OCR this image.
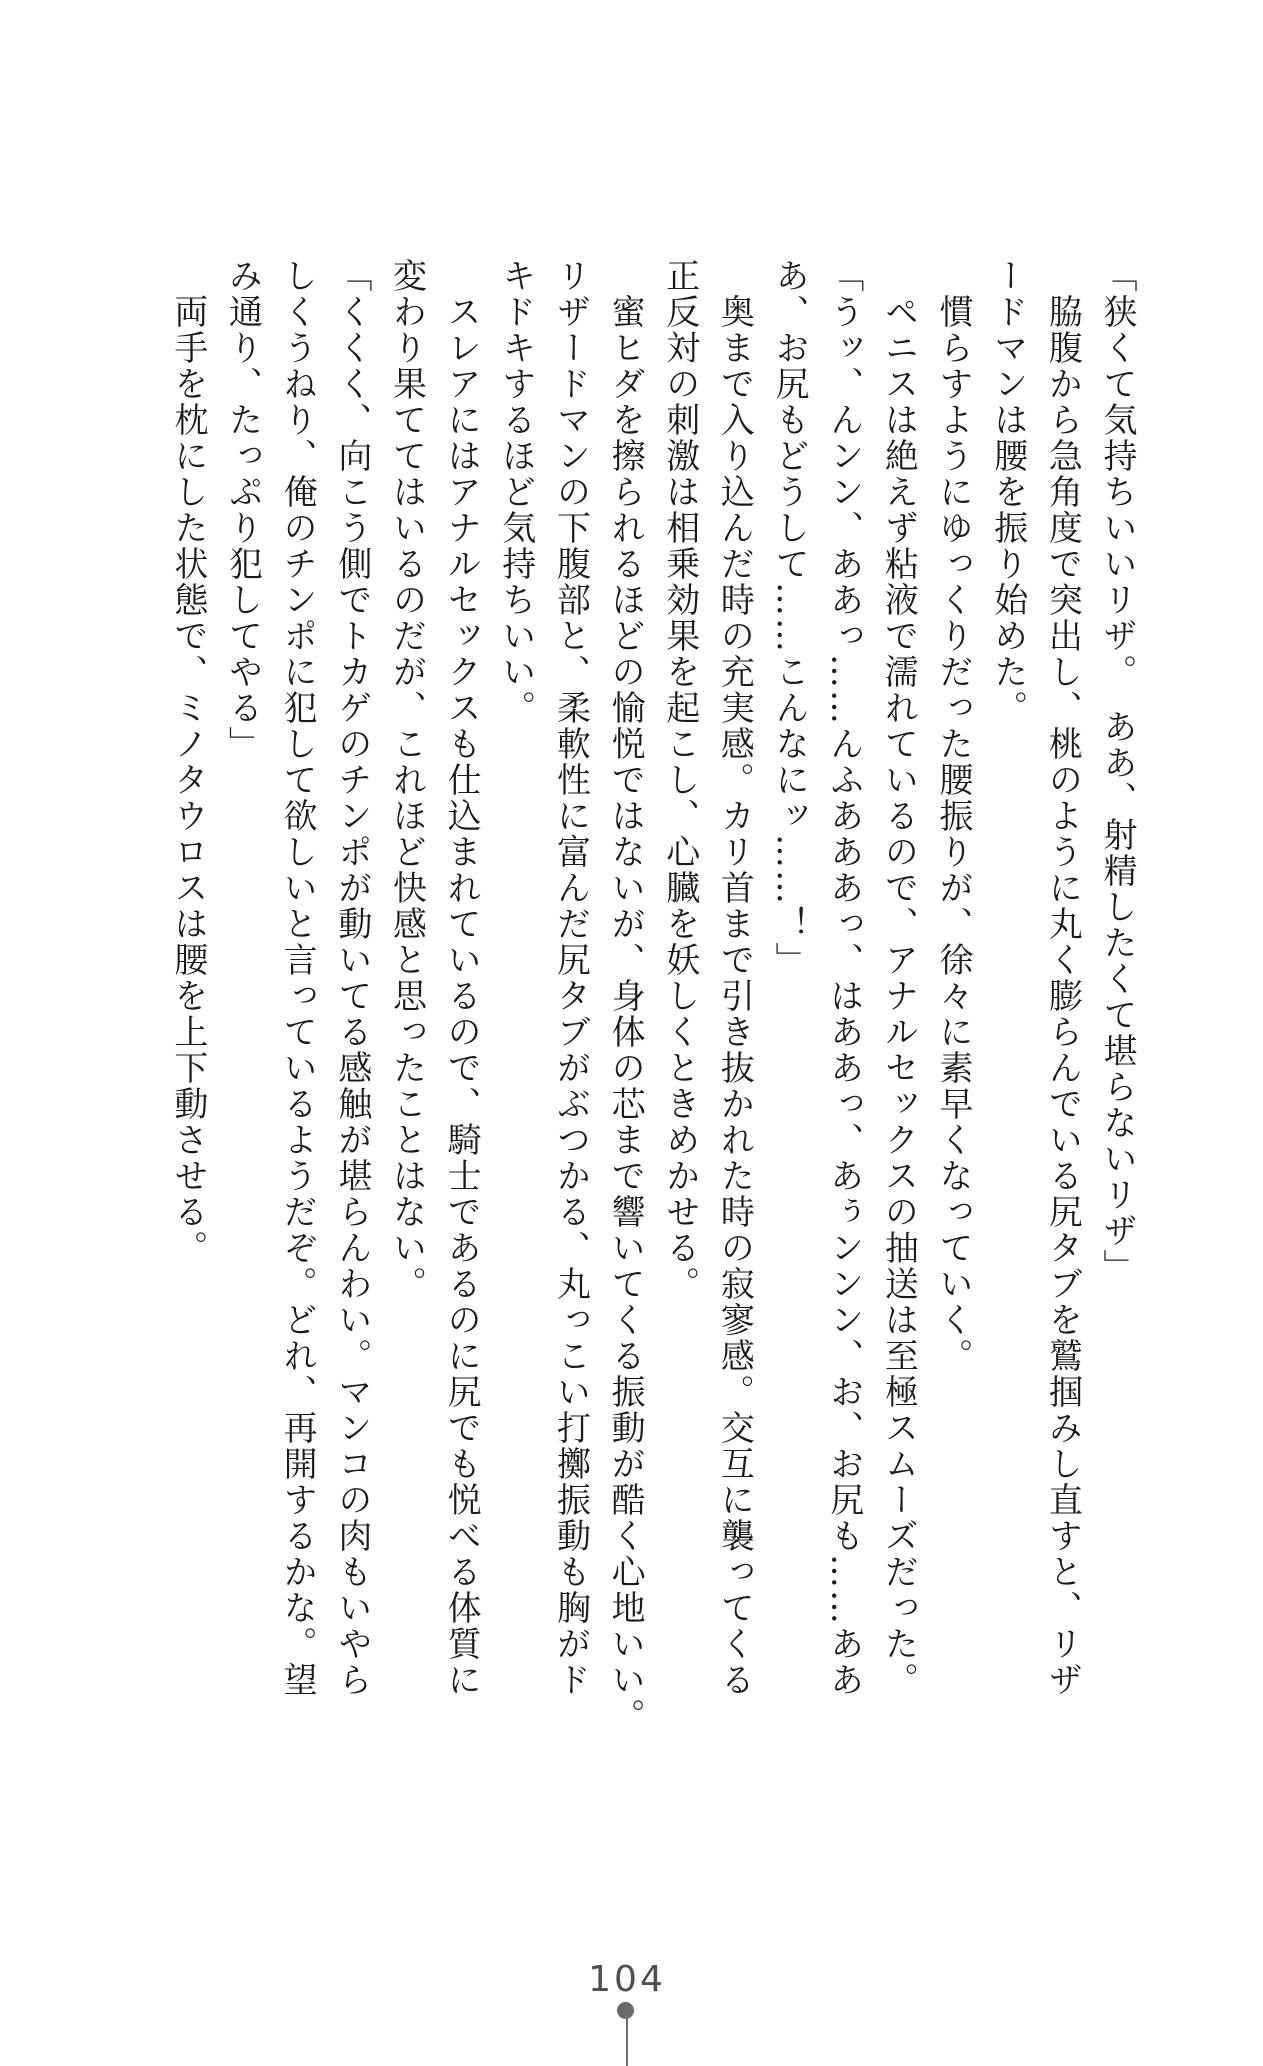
「狭くて気持ちいいリザ。　ああ、射精したくて堪らないリザ」
　脇腹から急角度で突出し、桃のように丸く膨らんでいる尻タブを鷲掴みし直すと、リザ
ードマンは腰を振り始めた。
　慣らすようにゆっくりだった腰振りが、徐々に素早くなっていく。
　ペニスは絶えず粘液で濡れているので、アナルセックスの抽送は至極スムーズだった。
「うッ、んンン、ああっ……んふあああっ、はああっ、あぅンンン、お、お尻も……ああ
あ、お尻もどうして……こんなにッ……！」
　奥まで入り込んだ時の充実感。カリ首まで引き抜かれた時の寂寥感。交互に襲ってくる
正反対の刺激は相乗効果を起こし、心臓を妖しくときめかせる。
　蜜ヒダを擦られるほどの愉悦ではないが、身体の芯まで響いてくる振動が酷く心地いい。
リザードマンの下腹部と、柔軟性に富んだ尻タブがぶつかる、丸っこい打擲振動も胸がド
キドキするほど気持ちいい。
　スレアにはアナルセックスも仕込まれているので、騎士であるのに尻でも悦べる体質に
変わり果ててはいるのだが、これほど快感と思ったことはない。
「くくく、向こう側でトカゲのチンポが動いてる感触が堪らんわい。マンコの肉もいやら
しくうねり、俺のチンポに犯して欲しいと言っているようだぞ。どれ、再開するかな。望
み通り、たっぷり犯してやる」
　両手を枕にした状態で、ミノタウロスは腰を上下動させる。
104
